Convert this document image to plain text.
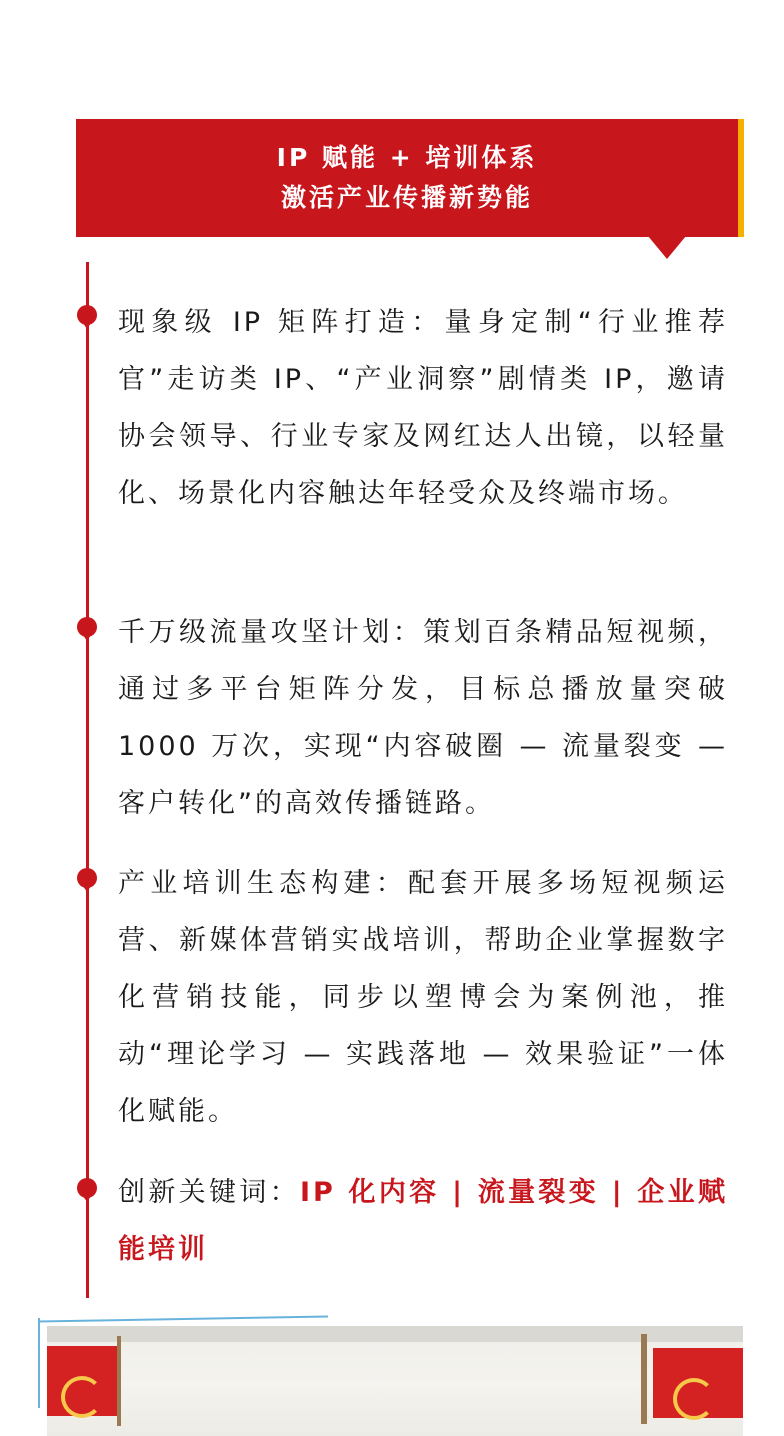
IP 赋能 + 培训体系
激活产业传播新势能

现象级 IP 矩阵打造：量身定制“行业推荐官”走访类 IP、“产业洞察”剧情类 IP，邀请协会领导、行业专家及网红达人出镜，以轻量化、场景化内容触达年轻受众及终端市场。

千万级流量攻坚计划：策划百条精品短视频，通过多平台矩阵分发，目标总播放量突破 1000 万次，实现“内容破圈 — 流量裂变 — 客户转化”的高效传播链路。

产业培训生态构建：配套开展多场短视频运营、新媒体营销实战培训，帮助企业掌握数字化营销技能，同步以塑博会为案例池，推动“理论学习 — 实践落地 — 效果验证”一体化赋能。

创新关键词：IP 化内容 | 流量裂变 | 企业赋能培训
